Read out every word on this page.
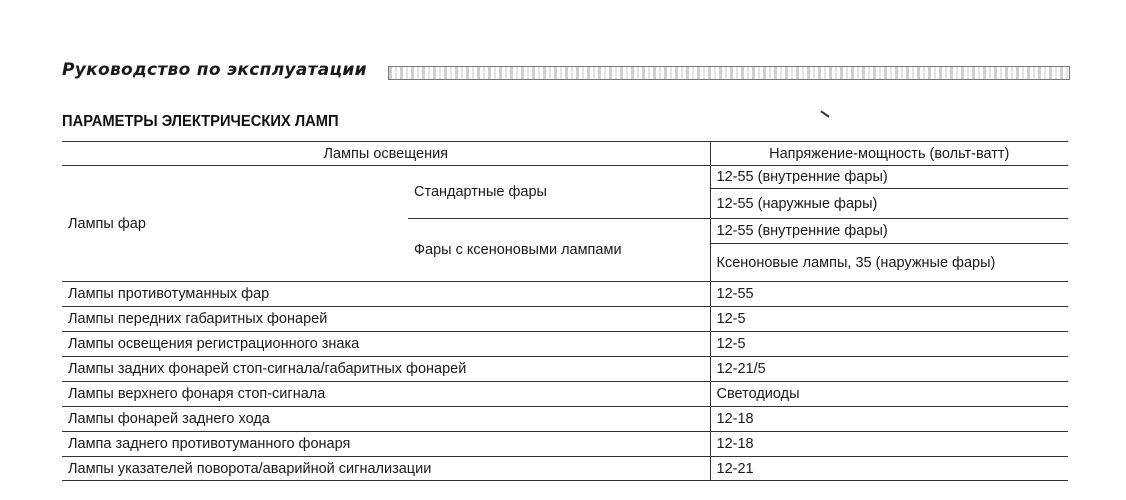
Руководство по эксплуатации
ПАРАМЕТРЫ ЭЛЕКТРИЧЕСКИХ ЛАМП
Лампы освещения		Напряжение-мощность (вольт-ватт)
Лампы фар	Стандартные фары	12-55 (внутренние фары)
		12-55 (наружные фары)
	Фары с ксеноновыми лампами	12-55 (внутренние фары)
		Ксеноновые лампы, 35 (наружные фары)
Лампы противотуманных фар		12-55
Лампы передних габаритных фонарей		12-5
Лампы освещения регистрационного знака		12-5
Лампы задних фонарей стоп-сигнала/габаритных фонарей		12-21/5
Лампы верхнего фонаря стоп-сигнала		Светодиоды
Лампы фонарей заднего хода		12-18
Лампа заднего противотуманного фонаря		12-18
Лампы указателей поворота/аварийной сигнализации		12-21
